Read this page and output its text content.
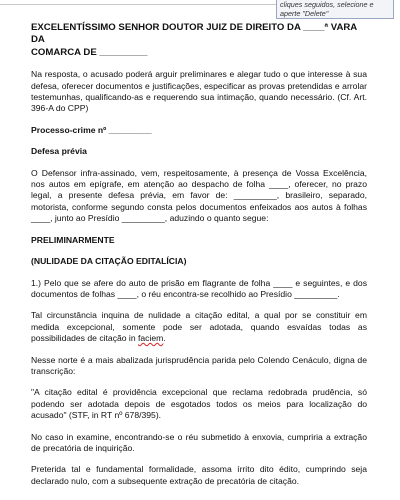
cliques seguidos, selecione e
aperte "Delete"
EXCELENTÍSSIMO SENHOR DOUTOR JUIZ DE DIREITO DA ____ª VARA DA
COMARCA DE _________

Na resposta, o acusado poderá arguir preliminares e alegar tudo o que interesse à sua defesa, oferecer documentos e justificações, especificar as provas pretendidas e arrolar testemunhas, qualificando-as e requerendo sua intimação, quando necessário. (Cf. Art. 396-A do CPP)

Processo-crime nº _________

Defesa prévia

O Defensor infra-assinado, vem, respeitosamente, à presença de Vossa Excelência, nos autos em epígrafe, em atenção ao despacho de folha ____, oferecer, no prazo legal, a presente defesa prévia, em favor de: _________, brasileiro, separado, motorista, conforme segundo consta pelos documentos enfeixados aos autos à folhas ____, junto ao Presídio _________, aduzindo o quanto segue:

PRELIMINARMENTE

(NULIDADE DA CITAÇÃO EDITALÍCIA)

1.) Pelo que se afere do auto de prisão em flagrante de folha ____ e seguintes, e dos documentos de folhas ____, o réu encontra-se recolhido ao Presídio _________.

Tal circunstância inquina de nulidade a citação edital, a qual por se constituir em medida excepcional, somente pode ser adotada, quando esvaídas todas as possibilidades de citação in faciem.

Nesse norte é a mais abalizada jurisprudência parida pelo Colendo Cenáculo, digna de transcrição:

"A citação edital é providência excepcional que reclama redobrada prudência, só podendo ser adotada depois de esgotados todos os meios para localização do acusado" (STF, in RT nº 678/395).

No caso in examine, encontrando-se o réu submetido à enxovia, cumpriria a extração de precatória de inquirição.

Preterida tal e fundamental formalidade, assoma írrito dito édito, cumprindo seja declarado nulo, com a subsequente extração de precatória de citação.
